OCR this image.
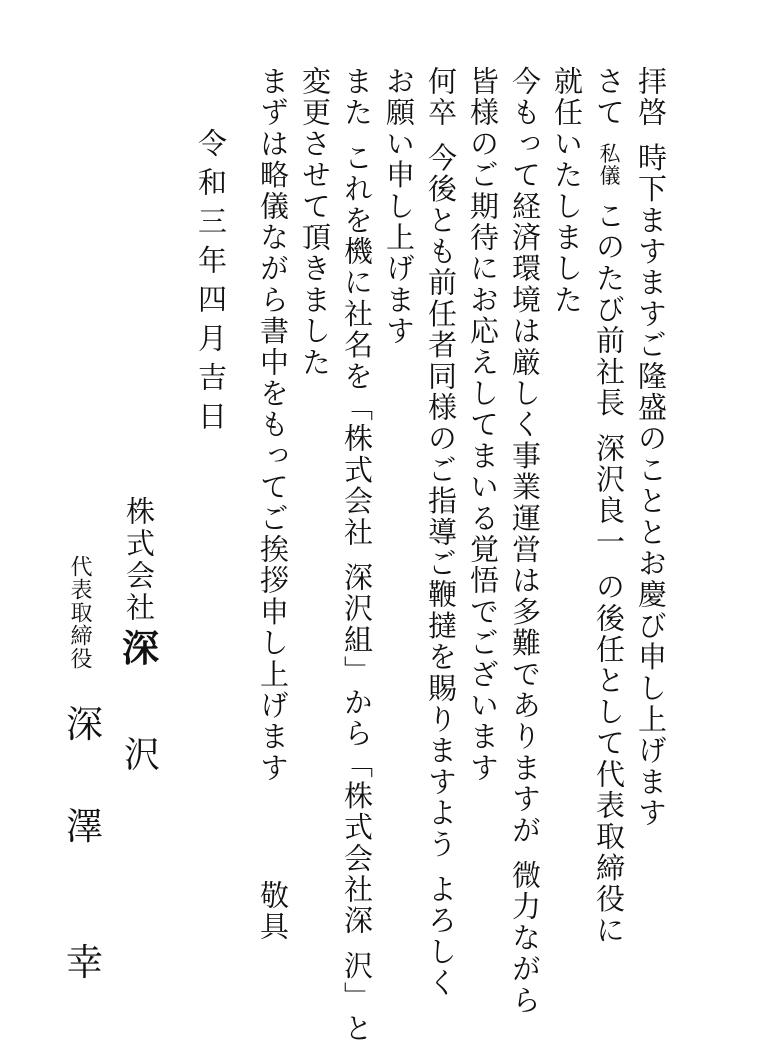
拝啓時下ますますご隆盛のこととお慶び申し上げます
さて私儀このたび前社長深沢良一の後任として代表取締役に
就任いたしました
今もって経済環境は厳しく事業運営は多難でありますが微力ながら
皆様のご期待にお応えしてまいる覚悟でございます
何卒今後とも前任者同様のご指導ご鞭撻を賜りますようよろしく
お願い申し上げます
またこれを機に社名を「株式会社深沢組」から「株式会社深沢」と
変更させて頂きました
まずは略儀ながら書中をもってご挨拶申し上げます
敬具
令和三年四月吉日
株式会社
深
沢
代表取締役
深
澤
幸
